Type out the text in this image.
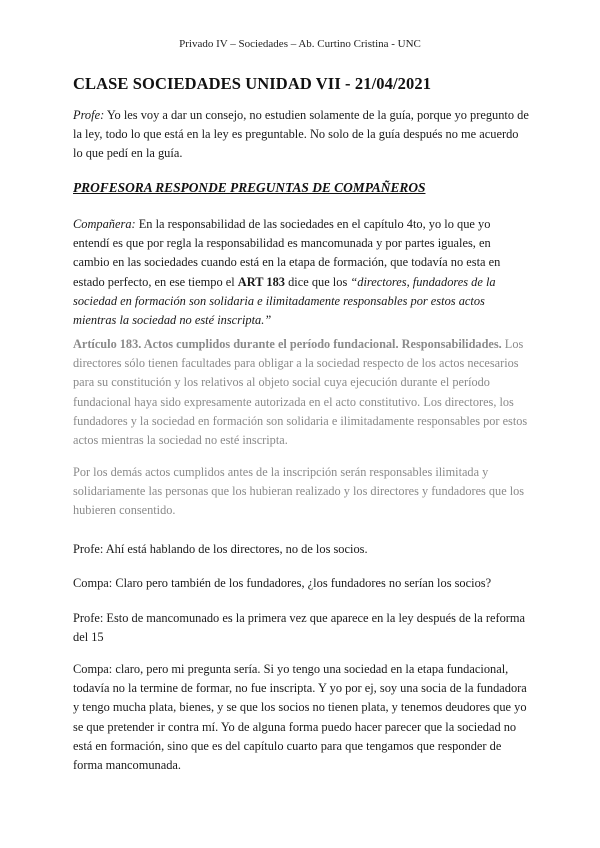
Privado IV – Sociedades – Ab. Curtino Cristina - UNC
CLASE SOCIEDADES UNIDAD VII - 21/04/2021

Profe: Yo les voy a dar un consejo, no estudien solamente de la guía, porque yo pregunto de la ley, todo lo que está en la ley es preguntable. No solo de la guía después no me acuerdo lo que pedí en la guía.

PROFESORA RESPONDE PREGUNTAS DE COMPAÑEROS

Compañera: En la responsabilidad de las sociedades en el capítulo 4to, yo lo que yo entendí es que por regla la responsabilidad es mancomunada y por partes iguales, en cambio en las sociedades cuando está en la etapa de formación, que todavía no esta en estado perfecto, en ese tiempo el ART 183 dice que los “directores, fundadores de la sociedad en formación son solidaria e ilimitadamente responsables por estos actos mientras la sociedad no esté inscripta.”

Artículo 183. Actos cumplidos durante el período fundacional. Responsabilidades. Los directores sólo tienen facultades para obligar a la sociedad respecto de los actos necesarios para su constitución y los relativos al objeto social cuya ejecución durante el período fundacional haya sido expresamente autorizada en el acto constitutivo. Los directores, los fundadores y la sociedad en formación son solidaria e ilimitadamente responsables por estos actos mientras la sociedad no esté inscripta.

Por los demás actos cumplidos antes de la inscripción serán responsables ilimitada y solidariamente las personas que los hubieran realizado y los directores y fundadores que los hubieren consentido.

Profe: Ahí está hablando de los directores, no de los socios.

Compa: Claro pero también de los fundadores, ¿los fundadores no serían los socios?

Profe: Esto de mancomunado es la primera vez que aparece en la ley después de la reforma del 15

Compa: claro, pero mi pregunta sería. Si yo tengo una sociedad en la etapa fundacional, todavía no la termine de formar, no fue inscripta. Y yo por ej, soy una socia de la fundadora y tengo mucha plata, bienes, y se que los socios no tienen plata, y tenemos deudores que yo se que pretender ir contra mí. Yo de alguna forma puedo hacer parecer que la sociedad no está en formación, sino que es del capítulo cuarto para que tengamos que responder de forma mancomunada.
